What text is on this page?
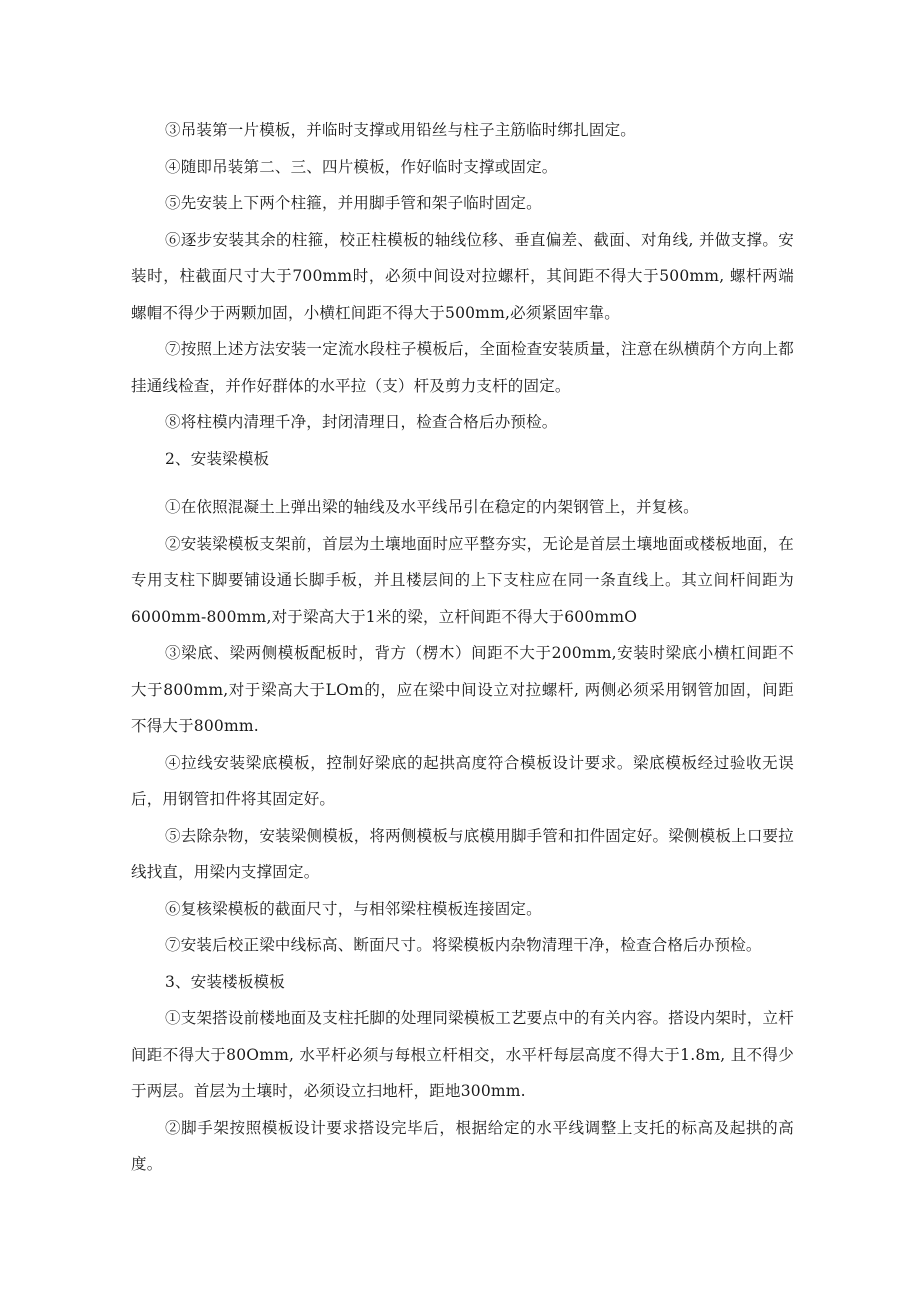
③吊装第一片模板，并临时支撑或用铅丝与柱子主筋临时绑扎固定。

④随即吊装第二、三、四片模板，作好临时支撑或固定。

⑤先安装上下两个柱箍，并用脚手管和架子临时固定。

⑥逐步安装其余的柱箍，校正柱模板的轴线位移、垂直偏差、截面、对角线, 并做支撑。安装时，柱截面尺寸大于700mm时，必须中间设对拉螺杆，其间距不得大于500mm, 螺杆两端螺帽不得少于两颗加固，小横杠间距不得大于500mm,必须紧固牢靠。

⑦按照上述方法安装一定流水段柱子模板后，全面检查安装质量，注意在纵横荫个方向上都挂通线检查，并作好群体的水平拉（支）杆及剪力支杆的固定。

⑧将柱模内清理千净，封闭清理日，检查合格后办预检。

2、安装梁模板

①在依照混凝土上弹出梁的轴线及水平线吊引在稳定的内架钢管上，并复核。

②安装梁模板支架前，首层为土壤地面时应平整夯实，无论是首层土壤地面或楼板地面，在专用支柱下脚要铺设通长脚手板，并且楼层间的上下支柱应在同一条直线上。其立间杆间距为6000mm-800mm,对于梁高大于1米的梁，立杆间距不得大于600mmO

③梁底、梁两侧模板配板时，背方（楞木）间距不大于200mm,安装时梁底小横杠间距不大于800mm,对于梁高大于LOm的，应在梁中间设立对拉螺杆, 两侧必须采用钢管加固，间距不得大于800mm.

④拉线安装梁底模板，控制好梁底的起拱高度符合模板设计要求。梁底模板经过验收无误后，用钢管扣件将其固定好。

⑤去除杂物，安装梁侧模板，将两侧模板与底模用脚手管和扣件固定好。梁侧模板上口要拉线找直，用梁内支撑固定。

⑥复核梁模板的截面尺寸，与相邻梁柱模板连接固定。

⑦安装后校正梁中线标高、断面尺寸。将梁模板内杂物清理干净，检查合格后办预检。

3、安装楼板模板

①支架搭设前楼地面及支柱托脚的处理同梁模板工艺要点中的有关内容。搭设内架时，立杆间距不得大于80Omm, 水平杆必须与每根立杆相交，水平杆每层高度不得大于1.8m, 且不得少于两层。首层为土壤时，必须设立扫地杆，距地300mm.

②脚手架按照模板设计要求搭设完毕后，根据给定的水平线调整上支托的标高及起拱的高度。
